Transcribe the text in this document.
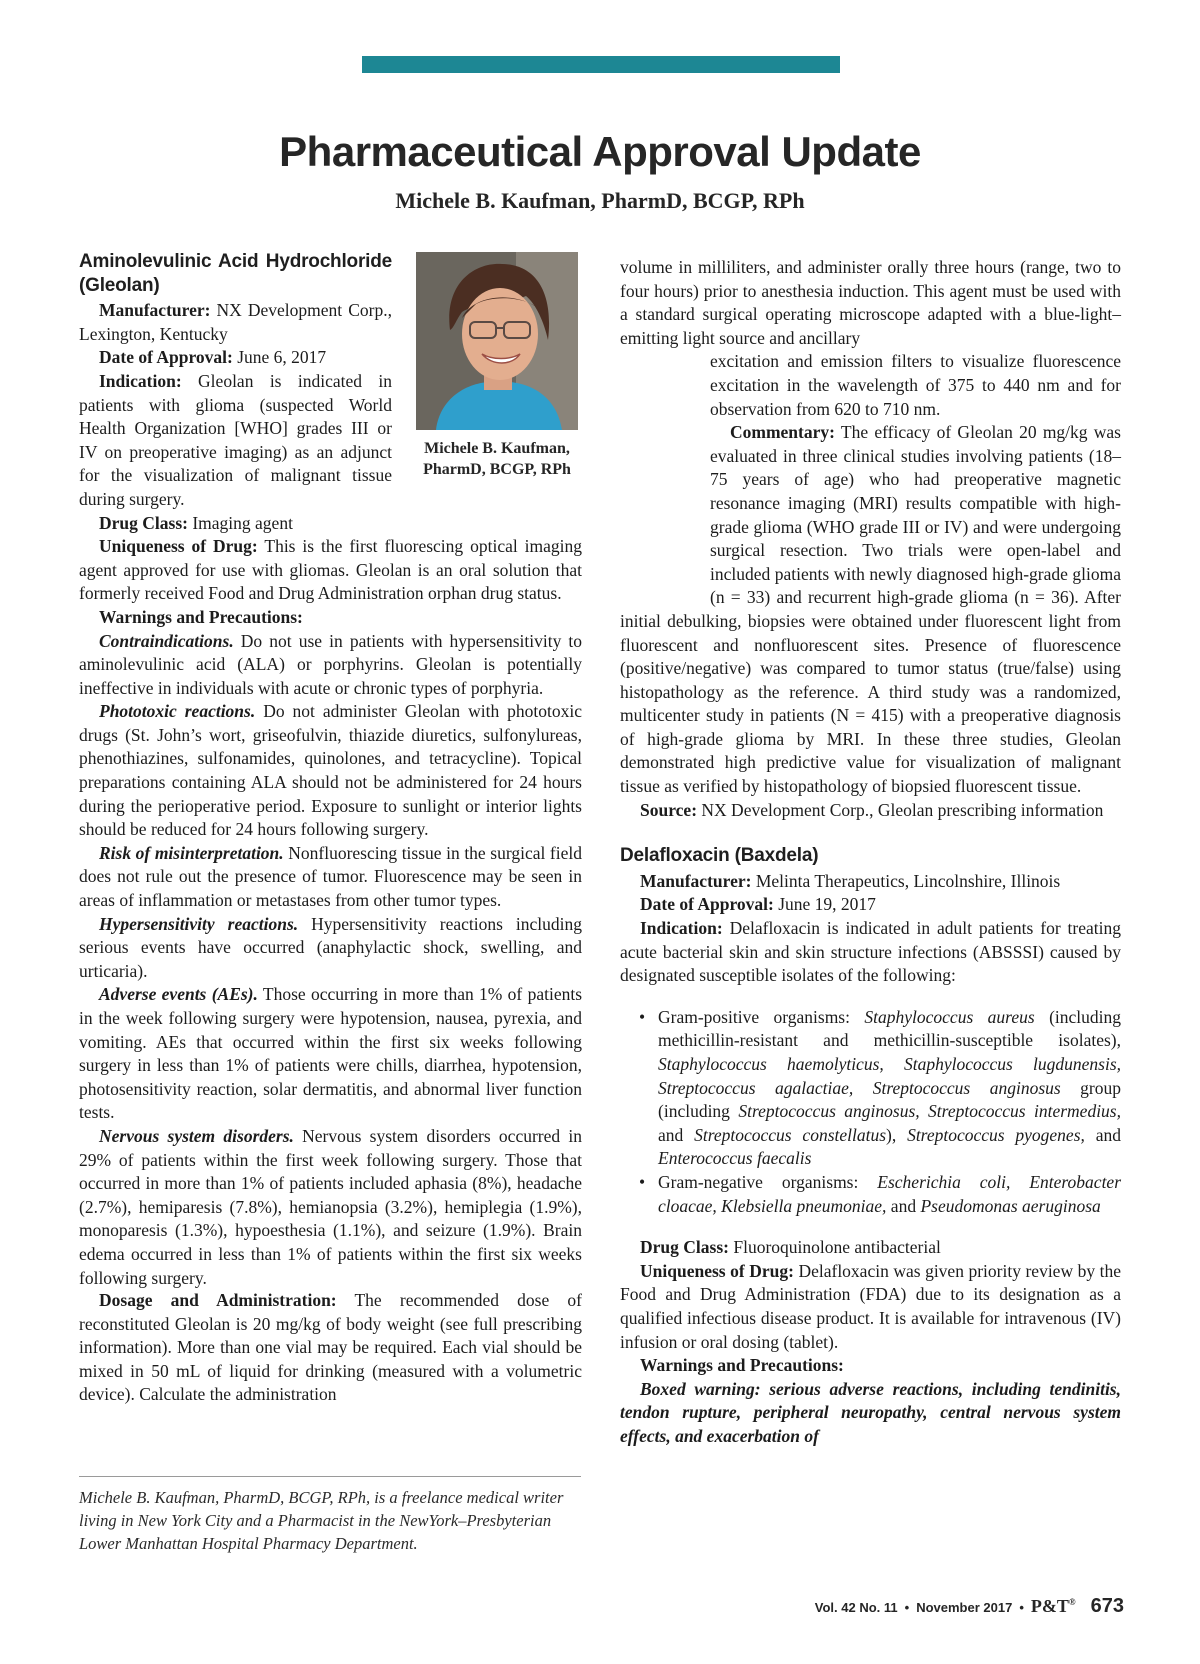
Pharmaceutical Approval Update
Michele B. Kaufman, PharmD, BCGP, RPh
Michele B. Kaufman,
PharmD, BCGP, RPh
Aminolevulinic Acid Hydrochloride (Gleolan)

Manufacturer: NX Development Corp., Lexington, Kentucky

Date of Approval: June 6, 2017

Indication: Gleolan is indicated in patients with glioma (suspected World Health Organization [WHO] grades III or IV on preoperative imaging) as an adjunct for the visualization of malignant tissue during surgery.

Drug Class: Imaging agent

Uniqueness of Drug: This is the first fluorescing optical imaging agent approved for use with gliomas. Gleolan is an oral solution that formerly received Food and Drug Administration orphan drug status.

Warnings and Precautions:

Contraindications. Do not use in patients with hypersensitivity to aminolevulinic acid (ALA) or porphyrins. Gleolan is potentially ineffective in individuals with acute or chronic types of porphyria.

Phototoxic reactions. Do not administer Gleolan with phototoxic drugs (St. John’s wort, griseofulvin, thiazide diuretics, sulfonylureas, phenothiazines, sulfonamides, quinolones, and tetracycline). Topical preparations containing ALA should not be administered for 24 hours during the perioperative period. Exposure to sunlight or interior lights should be reduced for 24 hours following surgery.

Risk of misinterpretation. Nonfluorescing tissue in the surgical field does not rule out the presence of tumor. Fluorescence may be seen in areas of inflammation or metastases from other tumor types.

Hypersensitivity reactions. Hypersensitivity reactions including serious events have occurred (anaphylactic shock, swelling, and urticaria).

Adverse events (AEs). Those occurring in more than 1% of patients in the week following surgery were hypotension, nausea, pyrexia, and vomiting. AEs that occurred within the first six weeks following surgery in less than 1% of patients were chills, diarrhea, hypotension, photosensitivity reaction, solar dermatitis, and abnormal liver function tests.

Nervous system disorders. Nervous system disorders occurred in 29% of patients within the first week following surgery. Those that occurred in more than 1% of patients included aphasia (8%), headache (2.7%), hemiparesis (7.8%), hemianopsia (3.2%), hemiplegia (1.9%), monoparesis (1.3%), hypoesthesia (1.1%), and seizure (1.9%). Brain edema occurred in less than 1% of patients within the first six weeks following surgery.

Dosage and Administration: The recommended dose of reconstituted Gleolan is 20 mg/kg of body weight (see full prescribing information). More than one vial may be required. Each vial should be mixed in 50 mL of liquid for drinking (measured with a volumetric device). Calculate the administration

Michele B. Kaufman, PharmD, BCGP, RPh, is a freelance medical writer living in New York City and a Pharmacist in the NewYork–Presbyterian Lower Manhattan Hospital Pharmacy Department.

volume in milliliters, and administer orally three hours (range, two to four hours) prior to anesthesia induction. This agent must be used with a standard surgical operating microscope adapted with a blue-light–emitting light source and ancillary

excitation and emission filters to visualize fluorescence excitation in the wavelength of 375 to 440 nm and for observation from 620 to 710 nm.

Commentary: The efficacy of Gleolan 20 mg/kg was evaluated in three clinical studies involving patients (18–75 years of age) who had preoperative magnetic resonance imaging (MRI) results compatible with high-grade glioma (WHO grade III or IV) and were undergoing surgical resection. Two trials were open-label and included patients with newly diagnosed high-grade glioma (n = 33) and recurrent high-grade glioma (n = 36). After initial debulking, biopsies were obtained under fluorescent light from fluorescent and nonfluorescent sites. Presence of fluorescence (positive/negative) was compared to tumor status (true/false) using histopathology as the reference. A third study was a randomized, multicenter study in patients (N = 415) with a preoperative diagnosis of high-grade glioma by MRI. In these three studies, Gleolan demonstrated high predictive value for visualization of malignant tissue as verified by histopathology of biopsied fluorescent tissue.

Source: NX Development Corp., Gleolan prescribing information

Delafloxacin (Baxdela)

Manufacturer: Melinta Therapeutics, Lincolnshire, Illinois

Date of Approval: June 19, 2017

Indication: Delafloxacin is indicated in adult patients for treating acute bacterial skin and skin structure infections (ABSSSI) caused by designated susceptible isolates of the following:

• Gram-positive organisms: Staphylococcus aureus (including methicillin-resistant and methicillin-susceptible isolates), Staphylococcus haemolyticus, Staphylococcus lugdunensis, Streptococcus agalactiae, Streptococcus anginosus group (including Streptococcus anginosus, Streptococcus intermedius, and Streptococcus constellatus), Streptococcus pyogenes, and Enterococcus faecalis
• Gram-negative organisms: Escherichia coli, Enterobacter cloacae, Klebsiella pneumoniae, and Pseudomonas aeruginosa

Drug Class: Fluoroquinolone antibacterial

Uniqueness of Drug: Delafloxacin was given priority review by the Food and Drug Administration (FDA) due to its designation as a qualified infectious disease product. It is available for intravenous (IV) infusion or oral dosing (tablet).

Warnings and Precautions:

Boxed warning: serious adverse reactions, including tendinitis, tendon rupture, peripheral neuropathy, central nervous system effects, and exacerbation of

Vol. 42 No. 11 • November 2017 • P&T® 673
